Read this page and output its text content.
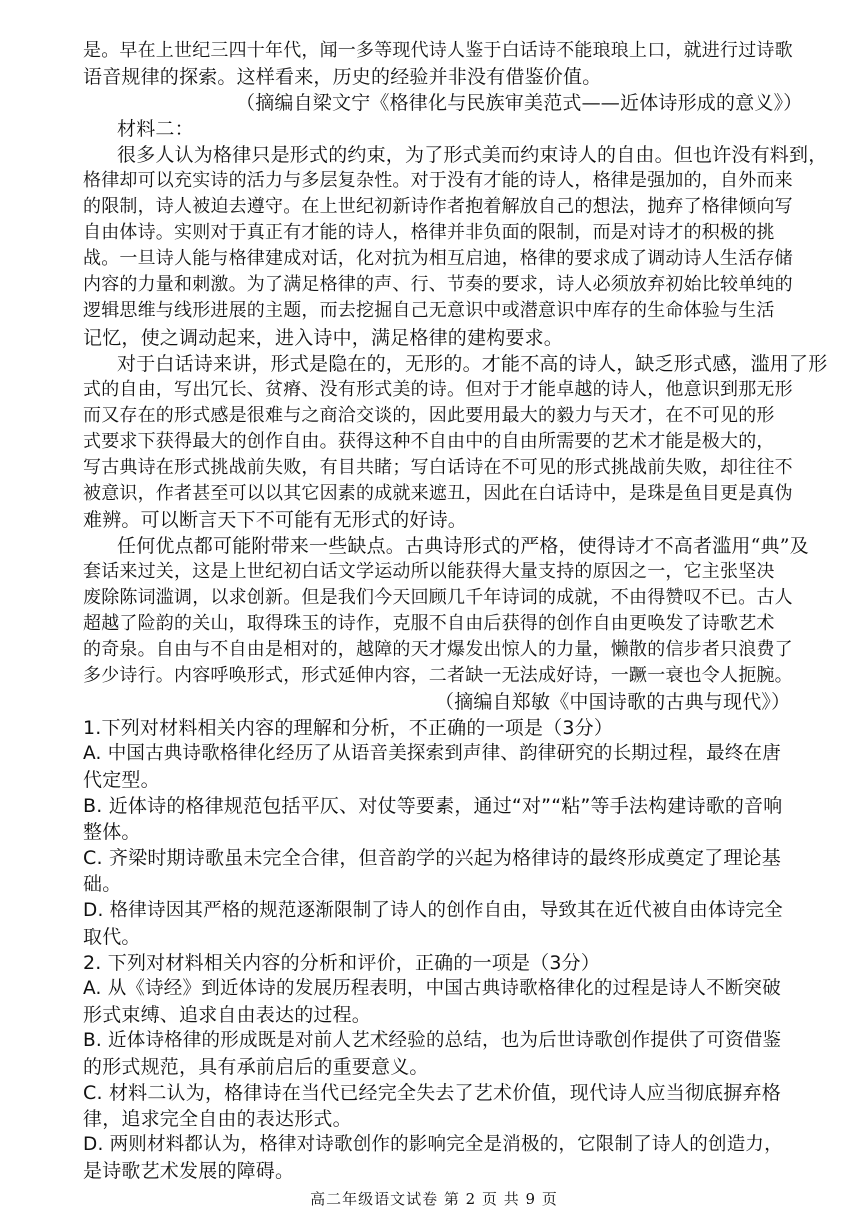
是。早在上世纪三四十年代，闻一多等现代诗人鉴于白话诗不能琅琅上口，就进行过诗歌
语音规律的探索。这样看来，历史的经验并非没有借鉴价值。
（摘编自梁文宁《格律化与民族审美范式——近体诗形成的意义》）
材料二：
很多人认为格律只是形式的约束，为了形式美而约束诗人的自由。但也许没有料到，
格律却可以充实诗的活力与多层复杂性。对于没有才能的诗人，格律是强加的，自外而来
的限制，诗人被迫去遵守。在上世纪初新诗作者抱着解放自己的想法，抛弃了格律倾向写
自由体诗。实则对于真正有才能的诗人，格律并非负面的限制，而是对诗才的积极的挑
战。一旦诗人能与格律建成对话，化对抗为相互启迪，格律的要求成了调动诗人生活存储
内容的力量和刺激。为了满足格律的声、行、节奏的要求，诗人必须放弃初始比较单纯的
逻辑思维与线形进展的主题，而去挖掘自己无意识中或潜意识中库存的生命体验与生活
记忆，使之调动起来，进入诗中，满足格律的建构要求。
对于白话诗来讲，形式是隐在的，无形的。才能不高的诗人，缺乏形式感，滥用了形
式的自由，写出冗长、贫瘠、没有形式美的诗。但对于才能卓越的诗人，他意识到那无形
而又存在的形式感是很难与之商洽交谈的，因此要用最大的毅力与天才，在不可见的形
式要求下获得最大的创作自由。获得这种不自由中的自由所需要的艺术才能是极大的，
写古典诗在形式挑战前失败，有目共睹；写白话诗在不可见的形式挑战前失败，却往往不
被意识，作者甚至可以以其它因素的成就来遮丑，因此在白话诗中，是珠是鱼目更是真伪
难辨。可以断言天下不可能有无形式的好诗。
任何优点都可能附带来一些缺点。古典诗形式的严格，使得诗才不高者滥用“典”及
套话来过关，这是上世纪初白话文学运动所以能获得大量支持的原因之一，它主张坚决
废除陈词滥调，以求创新。但是我们今天回顾几千年诗词的成就，不由得赞叹不已。古人
超越了险韵的关山，取得珠玉的诗作，克服不自由后获得的创作自由更唤发了诗歌艺术
的奇泉。自由与不自由是相对的，越障的天才爆发出惊人的力量，懒散的信步者只浪费了
多少诗行。内容呼唤形式，形式延伸内容，二者缺一无法成好诗，一蹶一衰也令人扼腕。
（摘编自郑敏《中国诗歌的古典与现代》）
1.下列对材料相关内容的理解和分析，不正确的一项是（3分）
A. 中国古典诗歌格律化经历了从语音美探索到声律、韵律研究的长期过程，最终在唐
代定型。
B. 近体诗的格律规范包括平仄、对仗等要素，通过“对”“粘”等手法构建诗歌的音响
整体。
C. 齐梁时期诗歌虽未完全合律，但音韵学的兴起为格律诗的最终形成奠定了理论基
础。
D. 格律诗因其严格的规范逐渐限制了诗人的创作自由，导致其在近代被自由体诗完全
取代。
2. 下列对材料相关内容的分析和评价，正确的一项是（3分）
A. 从《诗经》到近体诗的发展历程表明，中国古典诗歌格律化的过程是诗人不断突破
形式束缚、追求自由表达的过程。
B. 近体诗格律的形成既是对前人艺术经验的总结，也为后世诗歌创作提供了可资借鉴
的形式规范，具有承前启后的重要意义。
C. 材料二认为，格律诗在当代已经完全失去了艺术价值，现代诗人应当彻底摒弃格
律，追求完全自由的表达形式。
D. 两则材料都认为，格律对诗歌创作的影响完全是消极的，它限制了诗人的创造力，
是诗歌艺术发展的障碍。
高二年级语文试卷 第 2 页 共 9 页
